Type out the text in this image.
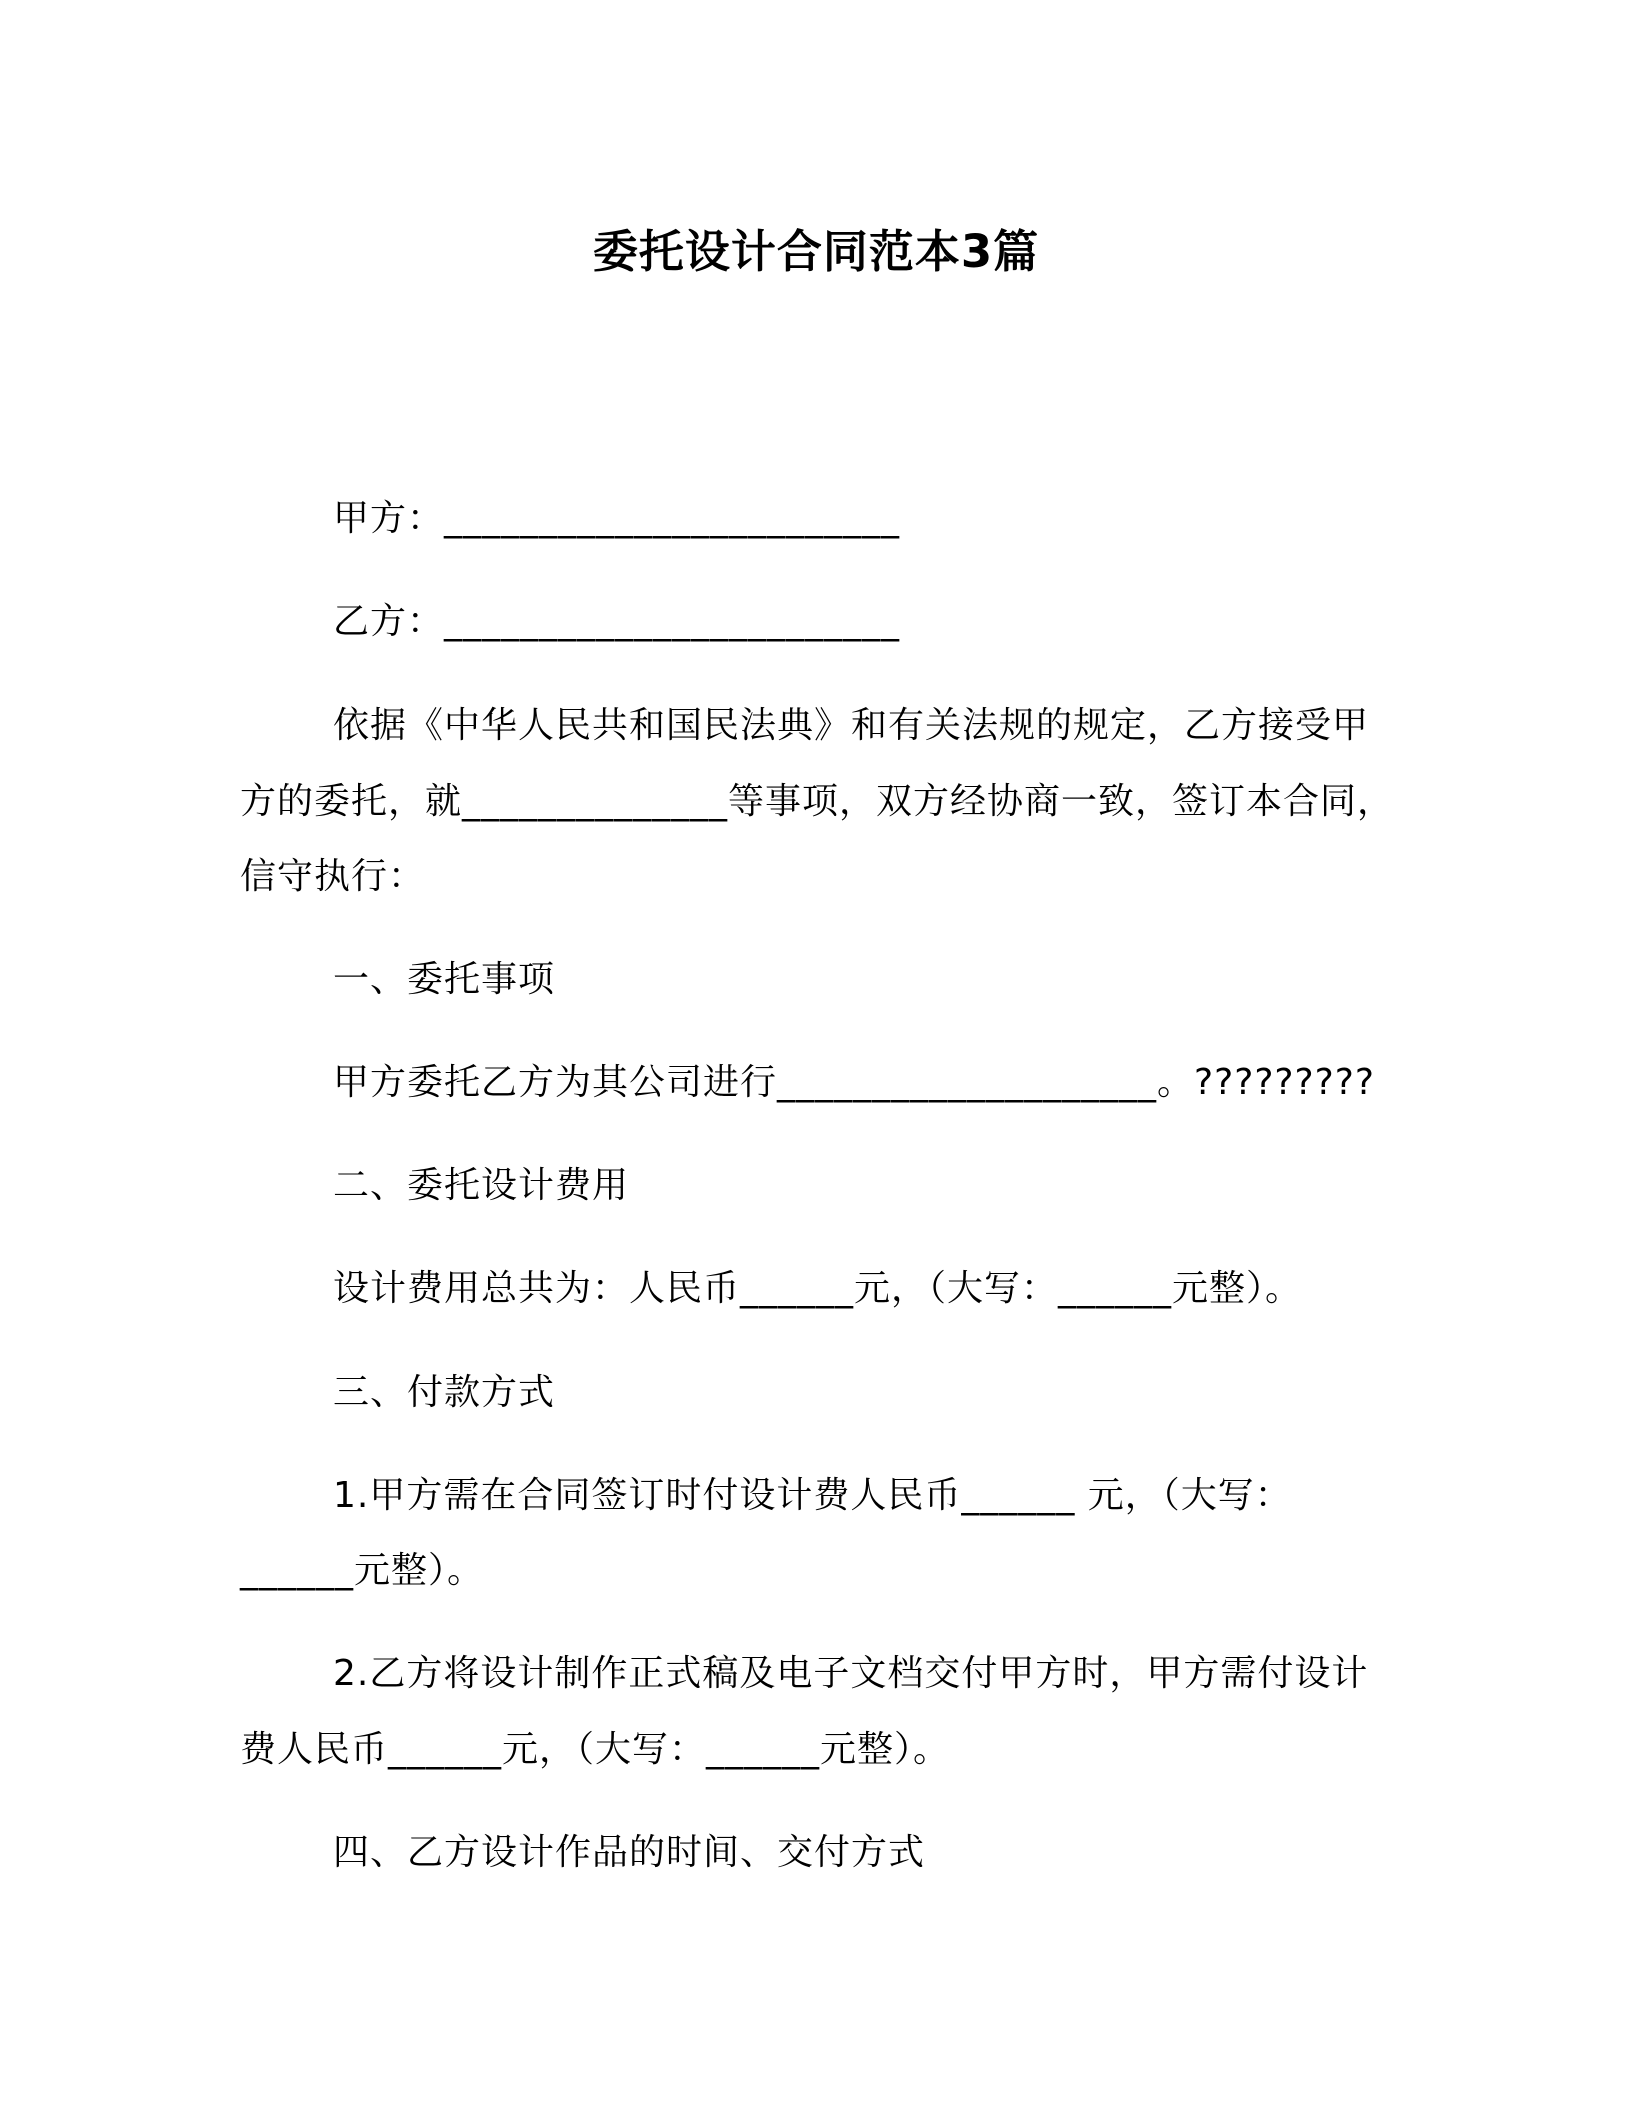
委托设计合同范本3篇
甲方：________________________
乙方：________________________
依据《中华人民共和国民法典》和有关法规的规定，乙方接受甲
方的委托，就______________等事项，双方经协商一致，签订本合同，
信守执行：
一、委托事项
甲方委托乙方为其公司进行____________________。?????????
二、委托设计费用
设计费用总共为：人民币______元，（大写：______元整）。
三、付款方式
1.甲方需在合同签订时付设计费人民币______ 元，（大写：
______元整）。
2.乙方将设计制作正式稿及电子文档交付甲方时，甲方需付设计
费人民币______元，（大写：______元整）。
四、乙方设计作品的时间、交付方式
